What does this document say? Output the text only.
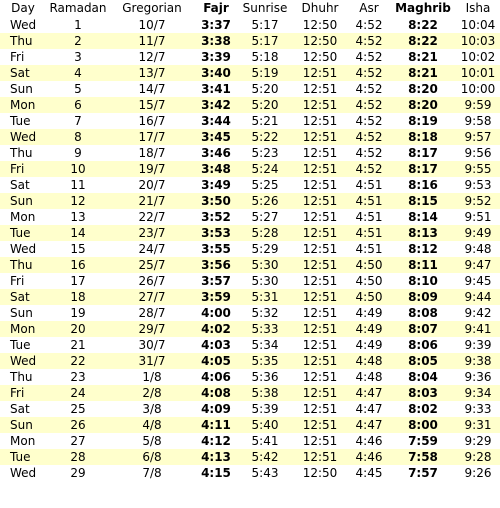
Day	Ramadan	Gregorian	Fajr	Sunrise	Dhuhr	Asr	Maghrib	Isha
Wed	1	10/7	3:37	5:17	12:50	4:52	8:22	10:04
Thu	2	11/7	3:38	5:17	12:50	4:52	8:22	10:03
Fri	3	12/7	3:39	5:18	12:50	4:52	8:21	10:02
Sat	4	13/7	3:40	5:19	12:51	4:52	8:21	10:01
Sun	5	14/7	3:41	5:20	12:51	4:52	8:20	10:00
Mon	6	15/7	3:42	5:20	12:51	4:52	8:20	9:59
Tue	7	16/7	3:44	5:21	12:51	4:52	8:19	9:58
Wed	8	17/7	3:45	5:22	12:51	4:52	8:18	9:57
Thu	9	18/7	3:46	5:23	12:51	4:52	8:17	9:56
Fri	10	19/7	3:48	5:24	12:51	4:52	8:17	9:55
Sat	11	20/7	3:49	5:25	12:51	4:51	8:16	9:53
Sun	12	21/7	3:50	5:26	12:51	4:51	8:15	9:52
Mon	13	22/7	3:52	5:27	12:51	4:51	8:14	9:51
Tue	14	23/7	3:53	5:28	12:51	4:51	8:13	9:49
Wed	15	24/7	3:55	5:29	12:51	4:51	8:12	9:48
Thu	16	25/7	3:56	5:30	12:51	4:50	8:11	9:47
Fri	17	26/7	3:57	5:30	12:51	4:50	8:10	9:45
Sat	18	27/7	3:59	5:31	12:51	4:50	8:09	9:44
Sun	19	28/7	4:00	5:32	12:51	4:49	8:08	9:42
Mon	20	29/7	4:02	5:33	12:51	4:49	8:07	9:41
Tue	21	30/7	4:03	5:34	12:51	4:49	8:06	9:39
Wed	22	31/7	4:05	5:35	12:51	4:48	8:05	9:38
Thu	23	1/8	4:06	5:36	12:51	4:48	8:04	9:36
Fri	24	2/8	4:08	5:38	12:51	4:47	8:03	9:34
Sat	25	3/8	4:09	5:39	12:51	4:47	8:02	9:33
Sun	26	4/8	4:11	5:40	12:51	4:47	8:00	9:31
Mon	27	5/8	4:12	5:41	12:51	4:46	7:59	9:29
Tue	28	6/8	4:13	5:42	12:51	4:46	7:58	9:28
Wed	29	7/8	4:15	5:43	12:50	4:45	7:57	9:26
